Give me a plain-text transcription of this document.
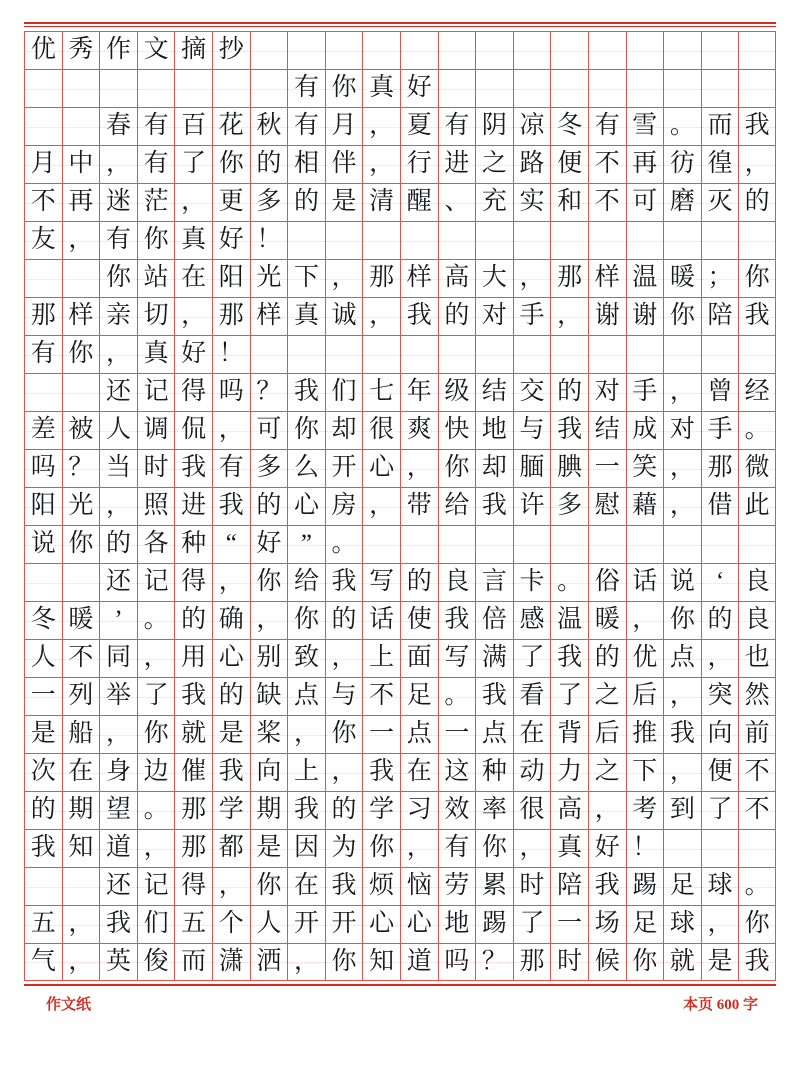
优 秀 作 文 摘 抄
有 你 真 好
春 有 百 花 秋 有 月 ， 夏 有 阴 凉 冬 有 雪 。 而 我
月 中 ， 有 了 你 的 相 伴 ， 行 进 之 路 便 不 再 彷 徨 ，
不 再 迷 茫 ， 更 多 的 是 清 醒 、 充 实 和 不 可 磨 灭 的
友 ， 有 你 真 好 ！
你 站 在 阳 光 下 ， 那 样 高 大 ， 那 样 温 暖 ； 你
那 样 亲 切 ， 那 样 真 诚 ， 我 的 对 手 ， 谢 谢 你 陪 我
有 你 ， 真 好 ！
还 记 得 吗 ？ 我 们 七 年 级 结 交 的 对 手 ， 曾 经
差 被 人 调 侃 ， 可 你 却 很 爽 快 地 与 我 结 成 对 手 。
吗 ？ 当 时 我 有 多 么 开 心 ， 你 却 腼 腆 一 笑 ， 那 微
阳 光 ， 照 进 我 的 心 房 ， 带 给 我 许 多 慰 藉 ， 借 此
说 你 的 各 种 “ 好 ” 。
还 记 得 ， 你 给 我 写 的 良 言 卡 。 俗 话 说 ‘ 良
冬 暖 ’ 。 的 确 ， 你 的 话 使 我 倍 感 温 暖 ， 你 的 良
人 不 同 ， 用 心 别 致 ， 上 面 写 满 了 我 的 优 点 ， 也
一 列 举 了 我 的 缺 点 与 不 足 。 我 看 了 之 后 ， 突 然
是 船 ， 你 就 是 桨 ， 你 一 点 一 点 在 背 后 推 我 向 前
次 在 身 边 催 我 向 上 ， 我 在 这 种 动 力 之 下 ， 便 不
的 期 望 。 那 学 期 我 的 学 习 效 率 很 高 ， 考 到 了 不
我 知 道 ， 那 都 是 因 为 你 ， 有 你 ， 真 好 ！
还 记 得 ， 你 在 我 烦 恼 劳 累 时 陪 我 踢 足 球 。
五 ， 我 们 五 个 人 开 开 心 心 地 踢 了 一 场 足 球 ， 你
气 ， 英 俊 而 潇 洒 ， 你 知 道 吗 ？ 那 时 候 你 就 是 我
作文纸	本页 600 字
